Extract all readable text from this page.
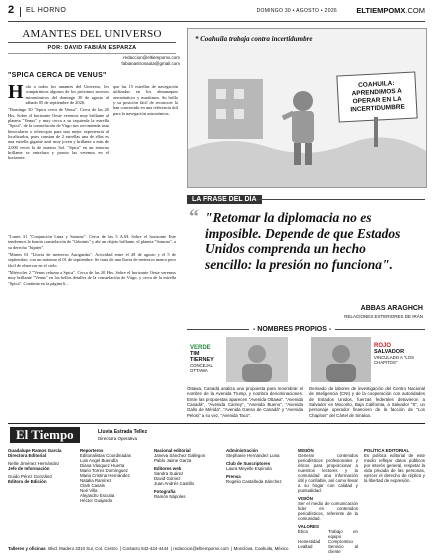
2 EL HORNO	DOMINGO 30 • AGOSTO • 2026	ELTIEMPOMX.COM
AMANTES DEL UNIVERSO
POR: DAVID FABIÁN ESPARZA
redaccion@eltiempomx.com
fabianastronauta@gmail.com
"SPICA CERCA DE VENUS"

Hola a todos los amantes del Universo, les compartimos algunos de los próximos sucesos astronómicos del domingo 30 de agosto al sábado 05 de septiembre de 2026.

"Domingo 30 "Spica cerca de Venus". Cerca de las 20 Hrs. Sobre el horizonte Oeste veremos muy brillante al planeta "Venus" y muy cerca a su izquierda la estrella "Spica", de la constelación de Virgo nos recomienda usar binoculares o telescopio para una mejor experiencia al localizarlos, pues constan de 2 estrellas una de ellas es una estrella gigante azul muy joven y brillante a más de 2,000 veces la de nuestro Sol. "Spica" en un entorno brillante se entrelaza y pronto las veremos en el horizonte.

que las 15 estrellas de navegación utilizadas en los almanaques aeronáuticos y marítimos. Su brillo y su posición fácil de reconocer la han convertido en una referencia útil para la navegación astronómica.

"Lunes 31 "Conjunción Luna y Saturno". Cerca de las 5 A.M. Sobre el horizonte Este tendremos la bonita constelación de "Géminis" y ahí un objeto brillante, el planeta "Saturno", a su derecha "Júpiter".

"Martes 01 "Lluvia de meteoros Auriguidas". Actividad entre el 28 de agosto y el 5 de septiembre, con un máximo el 01 de septiembre. Se trata de una lluvia de meteoros menor pero fácil de observar en el cielo.

"Miércoles 2 "Venus refuma a Spica". Cerca de las 20 Hrs. Sobre el horizonte Oeste veremos muy brillante "Venus" en los bellos detalles de la constelación de Virgo, y cerca de la estrella "Spica". Continúa en la página 6...

COAHUILA: APRENDIMOS A OPERAR EN LA INCERTIDUMBRE
* Coahuila trabaja contra incertidumbre
LA FRASE DEL DÍA
“ "Retomar la diplomacia no es imposible. Depende de que Estados Unidos comprenda un hecho sencillo: la presión no funciona".
ABBAS ARAGHCH
RELACIONES EXTERIORES DE IRÁN
- NOMBRES PROPIOS -
VERDE
TIM TIERNEY
CONCEJAL OTTAWA
ROJO
SALVADOR
VINCULADO A "LOS CHAPITOS"
Ottawa, Canadá analiza una propuesta para renombrar el nombre de la Avenida Trump, y nombra denominaciones. Entre las propuestas aparecen "Avenida Ottawa", "Avenida Canadá", "Avenida Carney", "Avenida Bueno", "Avenida Gallo de Mérida", "Avenida Ganso de Canadá" y "Avenida Pelosi" a su vez, "Avenida Taco".
Derivado de labores de investigación del Centro Nacional de Inteligencia (CNI) y de la cooperación con autoridades de Estados Unidos, fuerzas federales detuvieron a Salvador en Mocorito, Baja California, a Salvador "S", un personaje operador financiero de la facción de "Los Chapitos" del Cártel de Sinaloa.
El Tiempo	Lluvia Estrada Tellez
Directora Operativa
Guadalupe Ramos García
Directora Editorial
Nellie Jiménez Hernández
Jefe de Información
Guido Pérez González
Editora de Edición
Reporteros
Editorialistas Coordinadas
Luis Angel Buendía
Diana Vásquez Huerta
Mario Torres Domínguez
Maria Cristina Hernández
Natalia Ramírez
Clark Casals
Noé Villa
Alejandro Escutia
Héctor Guajardo
Nacional editorial
Janeva Sánchez Gallegos
Pablo Jaime Garza
Editores web
Sandra Suárez
David Gómez
Juan Andrés Castillo
Fotografía
Ramón Nápoles
Administración
Stephanie Hernández Luna
Club de Suscriptores
Laura Meyelle Espinola
Prensa
Rogelio Castañeda Sánchez
MISIÓN
Generar contenidos periodísticos profesionales y éticos para proporcionar a nuestros lectores y la comunidad una información útil y confiable, así como llevar a su hogar con calidad y puntualidad.
VISIÓN
Ser el medio de comunicación líder en contenidos periodísticos, referente de la comunidad.
VALORES
Ética	Trabajo en equipo
Honestidad	Compromiso
Lealtad	Servicio al cliente
POLÍTICA EDITORIAL
Es política editorial de este medio reflejar datos públicos por interés general, respetar la vida privada de las personas, ejercer el derecho de réplica y la libertad de expresión.
Talleres y oficinas Blvd. Madero 3310 Sur, Col. Centro  | Contacto 842-424-4444  | redaccion@eltiempomx.com  | Monclova, Coahuila, México
